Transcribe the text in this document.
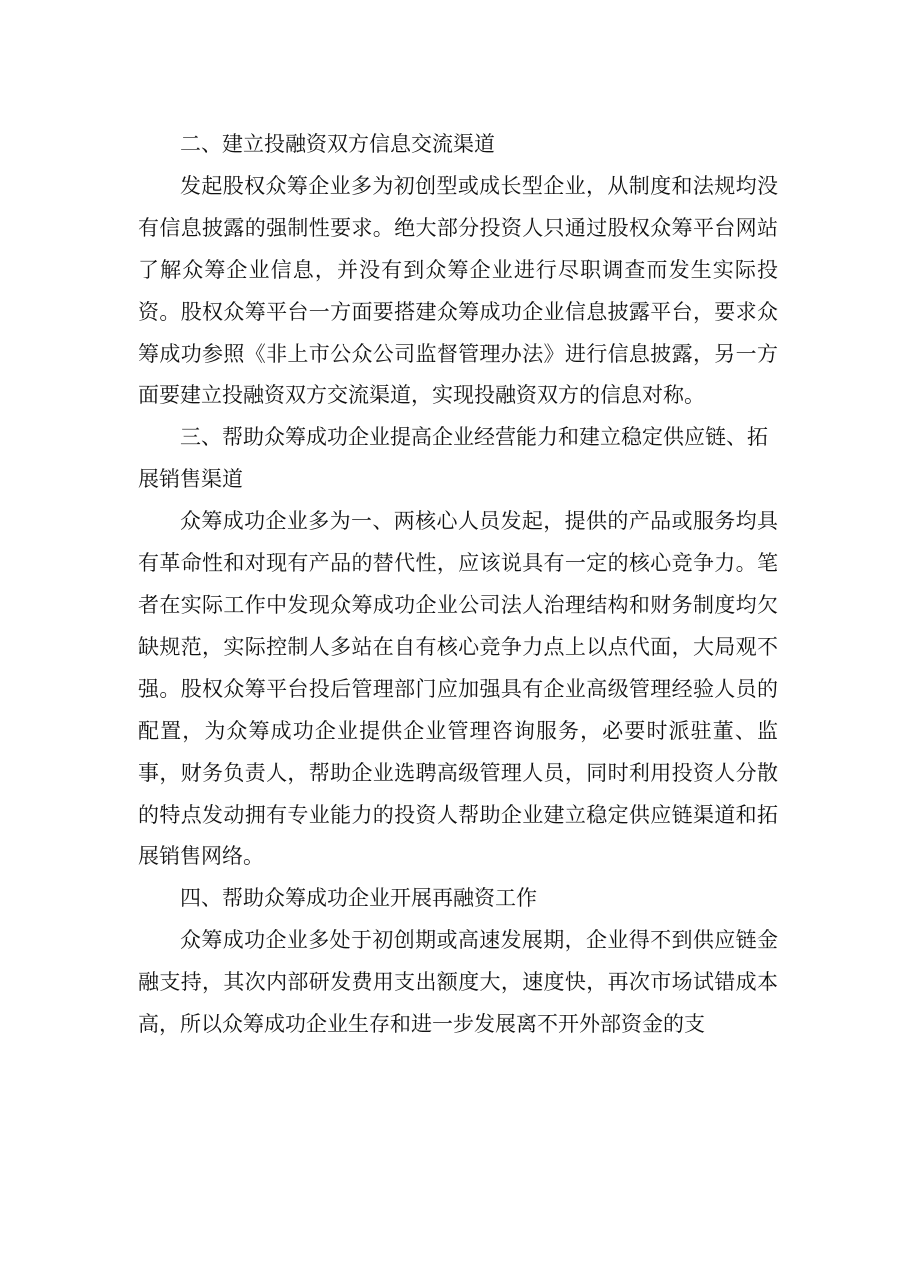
二、建立投融资双方信息交流渠道

发起股权众筹企业多为初创型或成长型企业，从制度和法规均没有信息披露的强制性要求。绝大部分投资人只通过股权众筹平台网站了解众筹企业信息，并没有到众筹企业进行尽职调查而发生实际投资。股权众筹平台一方面要搭建众筹成功企业信息披露平台，要求众筹成功参照《非上市公众公司监督管理办法》进行信息披露，另一方面要建立投融资双方交流渠道，实现投融资双方的信息对称。

三、帮助众筹成功企业提高企业经营能力和建立稳定供应链、拓展销售渠道

众筹成功企业多为一、两核心人员发起，提供的产品或服务均具有革命性和对现有产品的替代性，应该说具有一定的核心竞争力。笔者在实际工作中发现众筹成功企业公司法人治理结构和财务制度均欠缺规范，实际控制人多站在自有核心竞争力点上以点代面，大局观不强。股权众筹平台投后管理部门应加强具有企业高级管理经验人员的配置，为众筹成功企业提供企业管理咨询服务，必要时派驻董、监事，财务负责人，帮助企业选聘高级管理人员，同时利用投资人分散的特点发动拥有专业能力的投资人帮助企业建立稳定供应链渠道和拓展销售网络。

四、帮助众筹成功企业开展再融资工作

众筹成功企业多处于初创期或高速发展期，企业得不到供应链金融支持，其次内部研发费用支出额度大，速度快，再次市场试错成本高，所以众筹成功企业生存和进一步发展离不开外部资金的支
